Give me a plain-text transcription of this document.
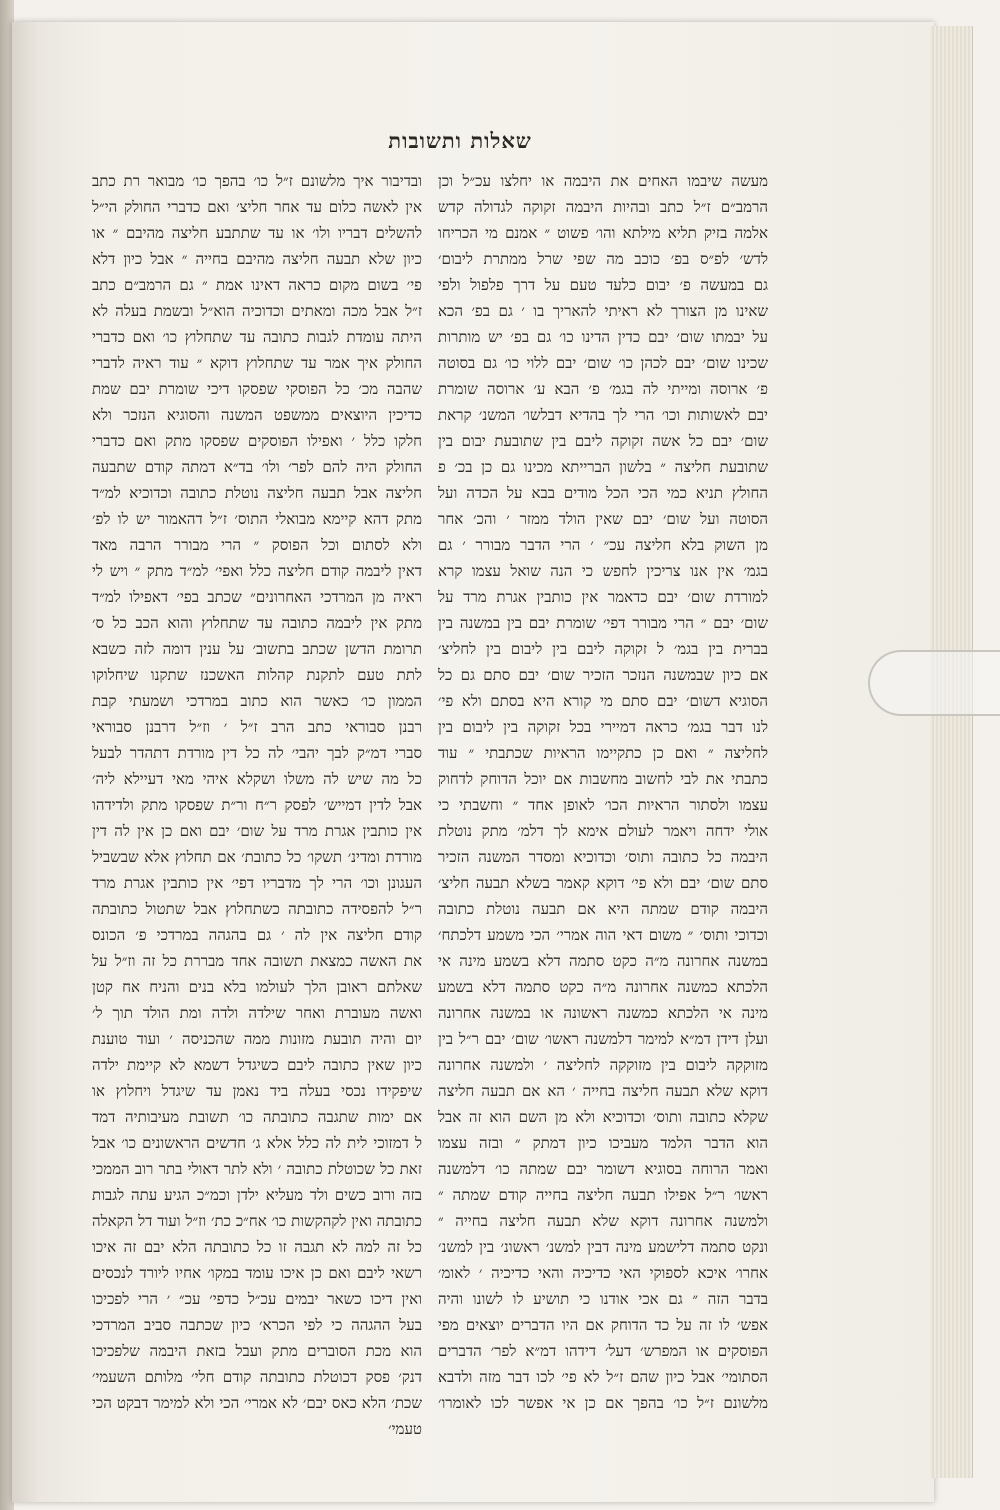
שאלות ותשובות
מעשה שיבמו האחים את היבמה או יחלצו עכ״ל וכן
הרמב״ם ז״ל כתב ובהיות היבמה זקוקה לגדולה קדש
אלמה בזיק תליא מילתא והו׳ פשוט ״ אמנם מי הכריחו
לדש׳ לפ״ס בפ׳ כוכב מה שפי שרל ממתרת ליבום׳
גם במעשה פ׳ יבום כלעד טעם על דרך פלפול ולפי
שאינו מן הצורך לא ראיתי להאריך בו ׳ גם בפ׳ הכא
על יבמתו שום׳ יבם כדין הדינו כו׳ גם בפ׳ יש מותרות
שכינו שום׳ יבם לכהן כו׳ שום׳ יבם ללוי כו׳ גם בסוטה
פ׳ ארוסה ומייתי לה בגמ׳ פ׳ הבא ע׳ ארוסה שומרת
יבם לאשותות וכו׳ הרי לך בהדיא דבלשו׳ המשנ׳ קראת
שום׳ יבם כל אשה זקוקה ליבם בין שתובעת יבום בין
שתובעת חליצה ״ בלשון הברייתא מכינו גם כן בכ׳ פ
החולץ תניא כמי הכי הכל מודים בבא על הכדה ועל
הסוטה ועל שום׳ יבם שאין הולד ממזר ׳ והכ׳ אחר
מן השוק בלא חליצה עכ״ ׳ הרי הדבר מבורר ׳ גם
בגמ׳ אין אנו צריכין לחפש כי הנה שואל עצמו קרא
למורדת שום׳ יבם כדאמר אין כותבין אגרת מרד על
שום׳ יבם ״ הרי מבורר דפי׳ שומרת יבם בין במשנה בין
בברית בין בגמ׳ ל זקוקה ליבם בין ליבום בין לחליצ׳
אם כיון שבמשנה הנזכר הזכיר שום׳ יבם סתם גם כל
הסוגיא דשום׳ יבם סתם מי קורא היא בסתם ולא פי׳
לנו דבר בגמ׳ כראה דמיירי בכל זקוקה בין ליבום בין
לחליצה ״ ואם כן כתקיימו הראיות שכתבתי ״ עוד
כתבתי את לבי לחשוב מחשבות אם יוכל הדוחק לדחוק
עצמו ולסתור הראיות הכו׳ לאופן אחד ״ וחשבתי כי
אולי ידחה ויאמר לעולם אימא לך דלמ׳ מתק נוטלת
היבמה כל כתובה ותוס׳ וכדוכיא ומסדר המשנה הזכיר
סתם שום׳ יבם ולא פי׳ דוקא קאמר בשלא תבעה חליצ׳
היבמה קודם שמתה היא אם תבעה נוטלת כתובה
וכדוכי ותוס׳ ״ משום דאי הוה אמרי׳ הכי משמע דלכתח׳
במשנה אחרונה מ״ה כקט סתמה דלא בשמע מינה אי
הלכתא כמשנה אחרונה מ״ה כקט סתמה דלא בשמע
מינה אי הלכתא כמשנה ראשונה או במשנה אחרונה
ועלן דידן דמ״א למימר דלמשנה ראשו׳ שום׳ יבם ר״ל בין
מזוקקה ליבום בין מזוקקה לחליצה ׳ ולמשנה אחרונה
דוקא שלא תבעה חליצה בחייה ׳ הא אם תבעה חליצה
שקלא כתובה ותוס׳ וכדוכיא ולא מן השם הוא זה אבל
הוא הדבר הלמד מעביכו כיון דמתק ״ ובזה עצמו
ואמר הרוחה בסוגיא דשומר יבם שמתה כו׳ דלמשנה
ראשו׳ ר״ל אפילו תבעה חליצה בחייה קודם שמתה ״
ולמשנה אחרונה דוקא שלא תבעה חליצה בחייה ״
ונקט סתמה דלישמע מינה דבין למשנ׳ ראשונ׳ בין למשנ׳
אחרו׳ איכא לספוקי האי כדיכיה והאי כדיכיה ׳ לאומ׳
בדבר הזה ״ גם אכי אודנו כי תושיע לו לשונו והיה
אפש׳ לו זה על כד הדוחק אם היו הדברים יוצאים מפי
הפוסקים או המפרש׳ דעל׳ דידהו דמ״א לפר׳ הדברים
הסתומי׳ אבל כיון שהם ז״ל לא פי׳ לכו דבר מזה ולדבא
מלשונם ז״ל כו׳ בהפך אם כן אי אפשר לכו לאומרו׳
ובדיבור איך מלשונם ז״ל כו׳ בהפך כו׳ מבואר רת כתב
אין לאשה כלום עד אחר חליצ׳ ואם כדברי החולק הי״ל
להשלים דבריו ולו׳ או עד שתתבע חליצה מהיבם ״ או
כיון שלא תבעה חליצה מהיבם בחייה ״ אבל כיון דלא
פי׳ בשום מקום כראה דאינו אמת ״ גם הרמב״ם כתב
ז״ל אבל מכה ומאתים וכדוכיה הוא״ל ובשמת בעלה לא
היתה עומדת לגבות כתובה עד שתחלוץ כו׳ ואם כדברי
החולק איך אמר עד שתחלוץ דוקא ״ עוד ראיה לדברי
שהבה מכ׳ כל הפוסקי שפסקו דיכי שומרת יבם שמת
כדיכין היוצאים ממשפט המשנה והסוגיא הנזכר ולא
חלקו כלל ׳ ואפילו הפוסקים שפסקו מתק ואם כדברי
החולק היה להם לפר׳ ולו׳ בד״א דמתה קודם שתבעה
חליצה אבל תבעה חליצה נוטלת כתובה וכדוכיא למ״ד
מתק דהא קיימא מבואלי התוס׳ ז״ל דהאמור יש לו לפ׳
ולא לסתום וכל הפוסק ״ הרי מבורר הרבה מאד
דאין ליבמה קודם חליצה כלל ואפי׳ למ״ד מתק ״ ויש לי
ראיה מן המרדכי האחרונים״ שכתב בפי׳ דאפילו למ״ד
מתק אין ליבמה כתובה עד שתחלוץ והוא הכב כל ס׳
תרומת הדשן שכתב בתשוב׳ על ענין דומה לזה כשבא
לתת טעם לתקנת קהלות האשכנז שתקנו שיחלוקו
הממון כו׳ כאשר הוא כתוב במרדכי ושמעתי קבת
רבנן סבוראי כתב הרב ז״ל ׳ וז״ל דרבנן סבוראי
סברי דמ״ק לבך יהבי׳ לה כל דין מורדת דתהדר לבעל
כל מה שיש לה משלו ושקלא איהי מאי דעיילא ליה׳
אבל לדין דמייש׳ לפסק ר״ח ור״ת שפסקו מתק ולדידהו
אין כותבין אגרת מרד על שום׳ יבם ואם כן אין לה דין
מורדת ומדינ׳ תשקו׳ כל כתובת׳ אם תחלוץ אלא שבשביל
העגונן וכו׳ הרי לך מדבריו דפי׳ אין כותבין אגרת מרד
ר״ל להפסידה כתובתה כשתחלוץ אבל שתטול כתובתה
קודם חליצה אין לה ׳ גם בהגהה במרדכי פ׳ הכונס
את האשה כמצאת תשובה אחד מבררת כל זה וז״ל על
שאלתם ראובן הלך לעולמו בלא בנים והניח אח קטן
ואשה מעוברת ואחר שילדה ולדה ומת הולד תוך ל׳
יום והיה תובעת מזונות ממה שהכניסה ׳ ועוד טוענת
כיון שאין כתובה ליבם כשיגדל דשמא לא קיימת ילדה
שיפקידו נכסי בעלה ביד נאמן עד שיגדל ויחלוץ או
אם ימות שתגבה כתובתה כו׳ תשובת מעיבותיה דמד
ל דמזוכי לית לה כלל אלא ג׳ חדשים הראשונים כו׳ אבל
זאת כל שכוטלת כתובה ׳ ולא לתר דאולי בתר רוב הממכי
בזה ורוב כשים ולד מעליא ילדן וכמ״כ הגיע עתה לגבות
כתובתה ואין לקהקשות כו׳ אח״כ כת׳ וז״ל ועוד דל הקאלה
כל זה למה לא תגבה זו כל כתובתה הלא יבם זה איכו
רשאי ליבם ואם כן איכו עומד במקו׳ אחיו ליורד לנכסים
ואין דיכו כשאר יבמים עכ״ל כדפי׳ עכ״ ׳ הרי לפכיכו
בעל ההגהה כי לפי הכרא׳ כיון שכתבה סביב המרדכי
הוא מכת הסוברים מתק ועבל בזאת היבמה שלפכיכו
דנק׳ פסק דכוטלת כתובתה קודם חלי׳ מלותם השעמי׳
שכת׳ הלא כאס יבם׳ לא אמרי׳ הכי ולא למימר דבקט הכי
טעמי׳
